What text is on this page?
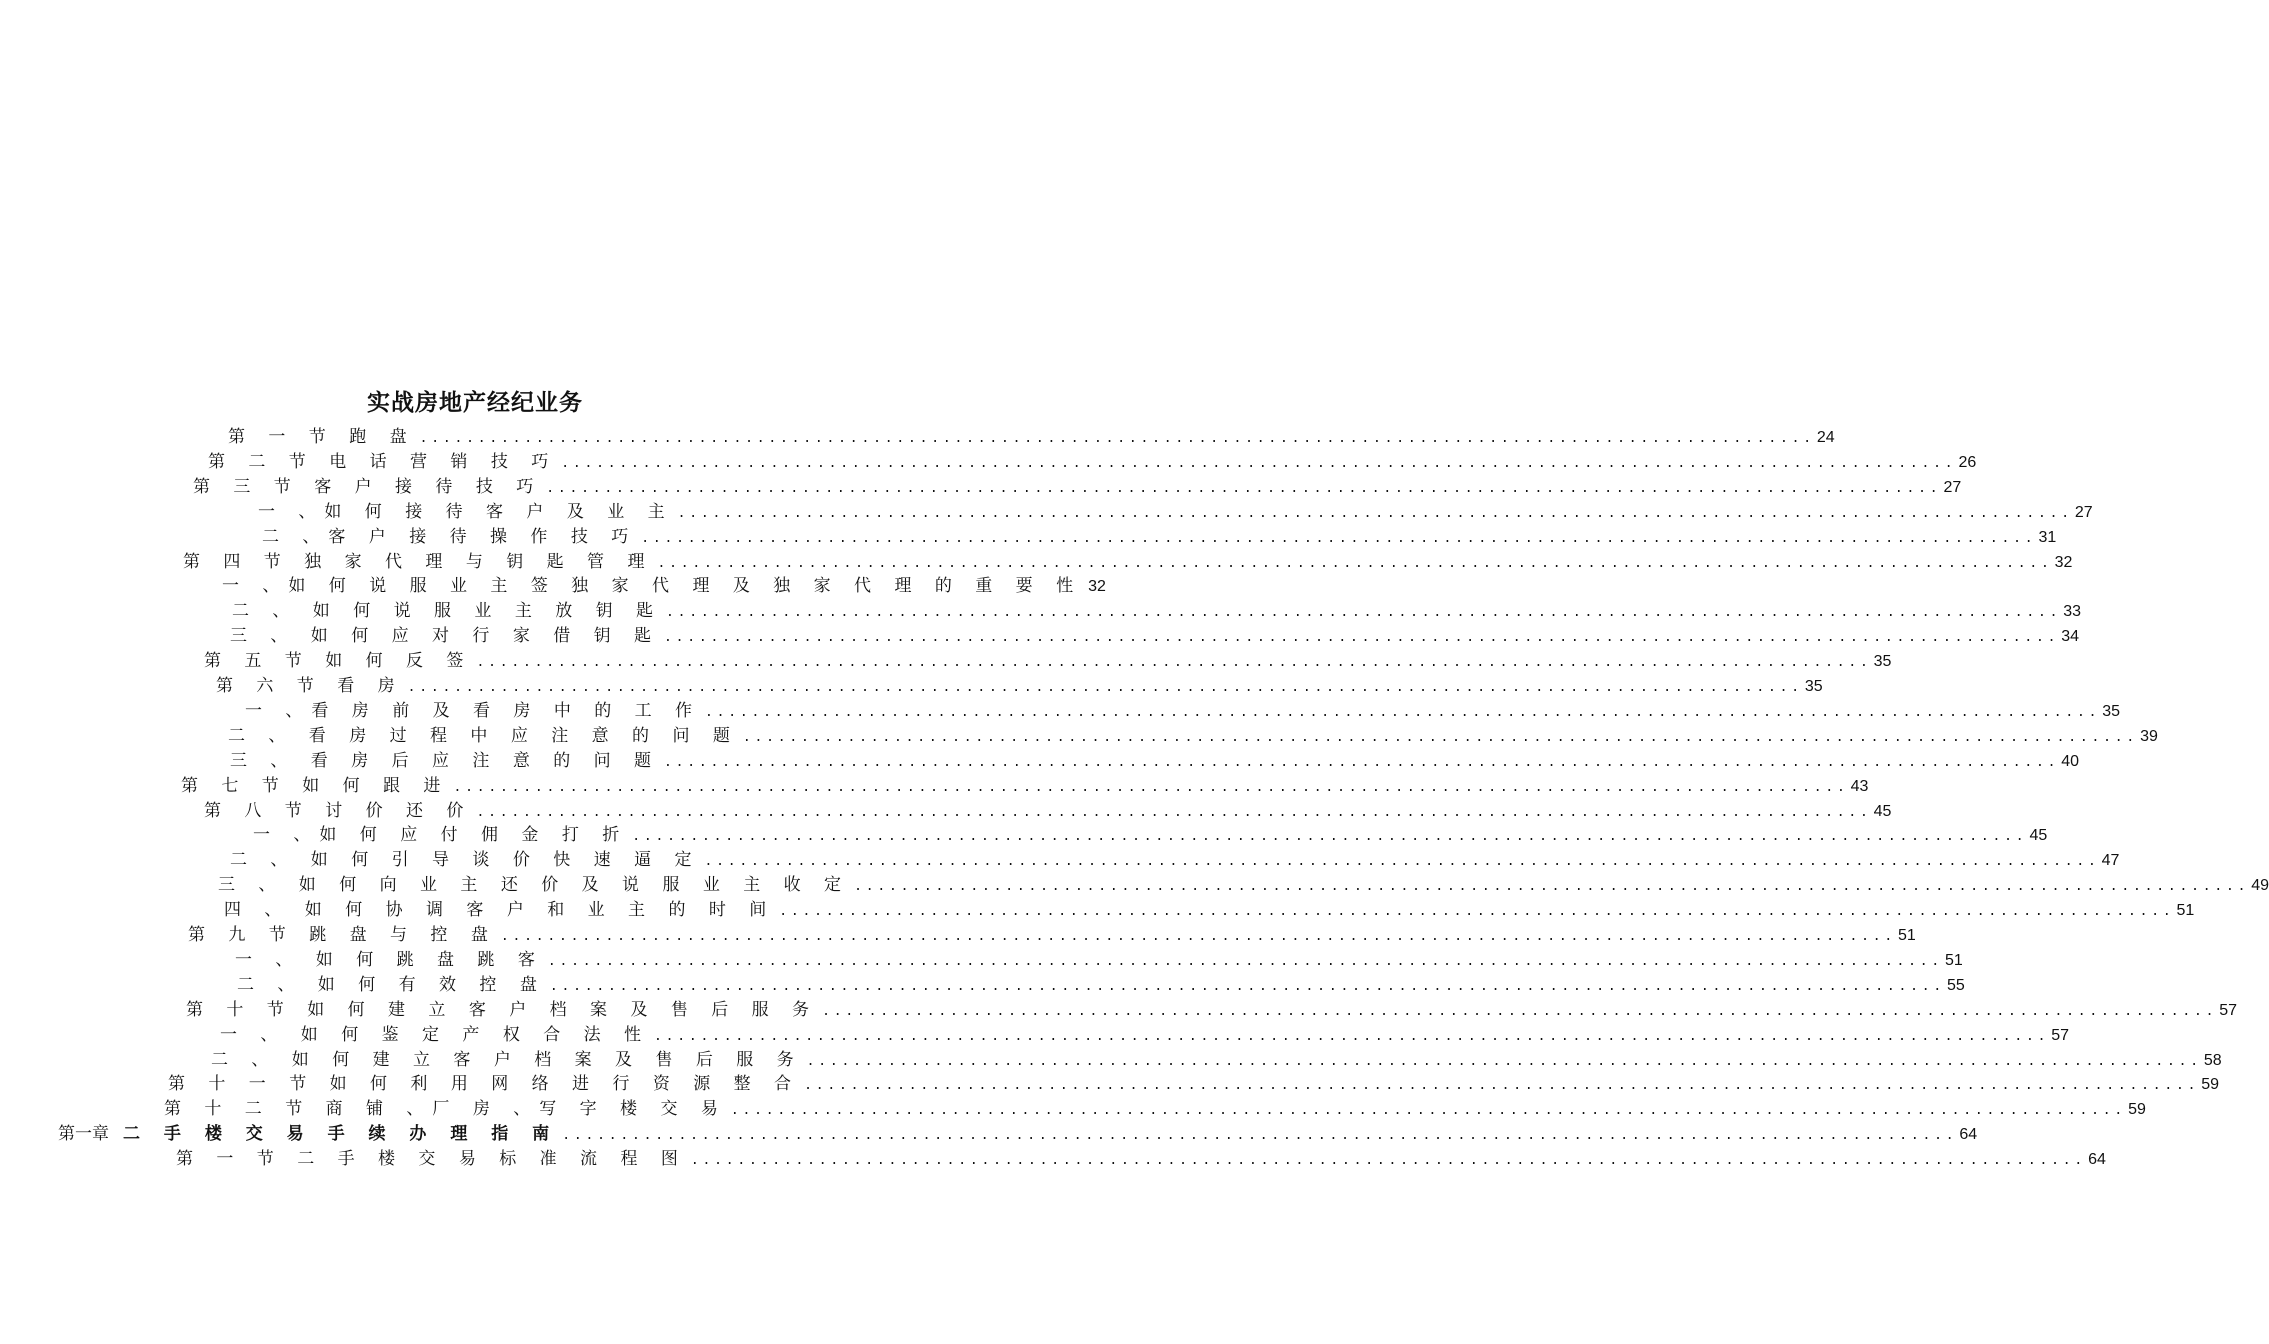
实战房地产经纪业务
第 一 节 跑 盘 ........................................................................................................................ 24
第 二 节 电 话 营 销 技 巧 ........................................................................................................................ 26
第 三 节 客 户 接 待 技 巧 ........................................................................................................................ 27
一 、如 何 接 待 客 户 及 业 主 ........................................................................................................................ 27
二 、客 户 接 待 操 作 技 巧 ........................................................................................................................ 31
第 四 节 独 家 代 理 与 钥 匙 管 理 ........................................................................................................................ 32
一 、如 何 说 服 业 主 签 独 家 代 理 及 独 家 代 理 的 重 要 性 32
二 、 如 何 说 服 业 主 放 钥 匙 ........................................................................................................................ 33
三 、 如 何 应 对 行 家 借 钥 匙 ........................................................................................................................ 34
第 五 节 如 何 反 签 ........................................................................................................................ 35
第 六 节 看 房 ........................................................................................................................ 35
一 、看 房 前 及 看 房 中 的 工 作 ........................................................................................................................ 35
二 、 看 房 过 程 中 应 注 意 的 问 题 ........................................................................................................................ 39
三 、 看 房 后 应 注 意 的 问 题 ........................................................................................................................ 40
第 七 节 如 何 跟 进 ........................................................................................................................ 43
第 八 节 讨 价 还 价 ........................................................................................................................ 45
一 、如 何 应 付 佣 金 打 折 ........................................................................................................................ 45
二 、 如 何 引 导 谈 价 快 速 逼 定 ........................................................................................................................ 47
三 、 如 何 向 业 主 还 价 及 说 服 业 主 收 定 ........................................................................................................................ 49
四 、 如 何 协 调 客 户 和 业 主 的 时 间 ........................................................................................................................ 51
第 九 节 跳 盘 与 控 盘 ........................................................................................................................ 51
一 、 如 何 跳 盘 跳 客 ........................................................................................................................ 51
二 、 如 何 有 效 控 盘 ........................................................................................................................ 55
第 十 节 如 何 建 立 客 户 档 案 及 售 后 服 务 ........................................................................................................................ 57
一 、 如 何 鉴 定 产 权 合 法 性 ........................................................................................................................ 57
二 、 如 何 建 立 客 户 档 案 及 售 后 服 务 ........................................................................................................................ 58
第 十 一 节 如 何 利 用 网 络 进 行 资 源 整 合 ........................................................................................................................ 59
第 十 二 节 商 铺 、厂 房 、写 字 楼 交 易 ........................................................................................................................ 59
第一章 二 手 楼 交 易 手 续 办 理 指 南 ........................................................................................................................ 64
第 一 节 二 手 楼 交 易 标 准 流 程 图 ........................................................................................................................ 64
